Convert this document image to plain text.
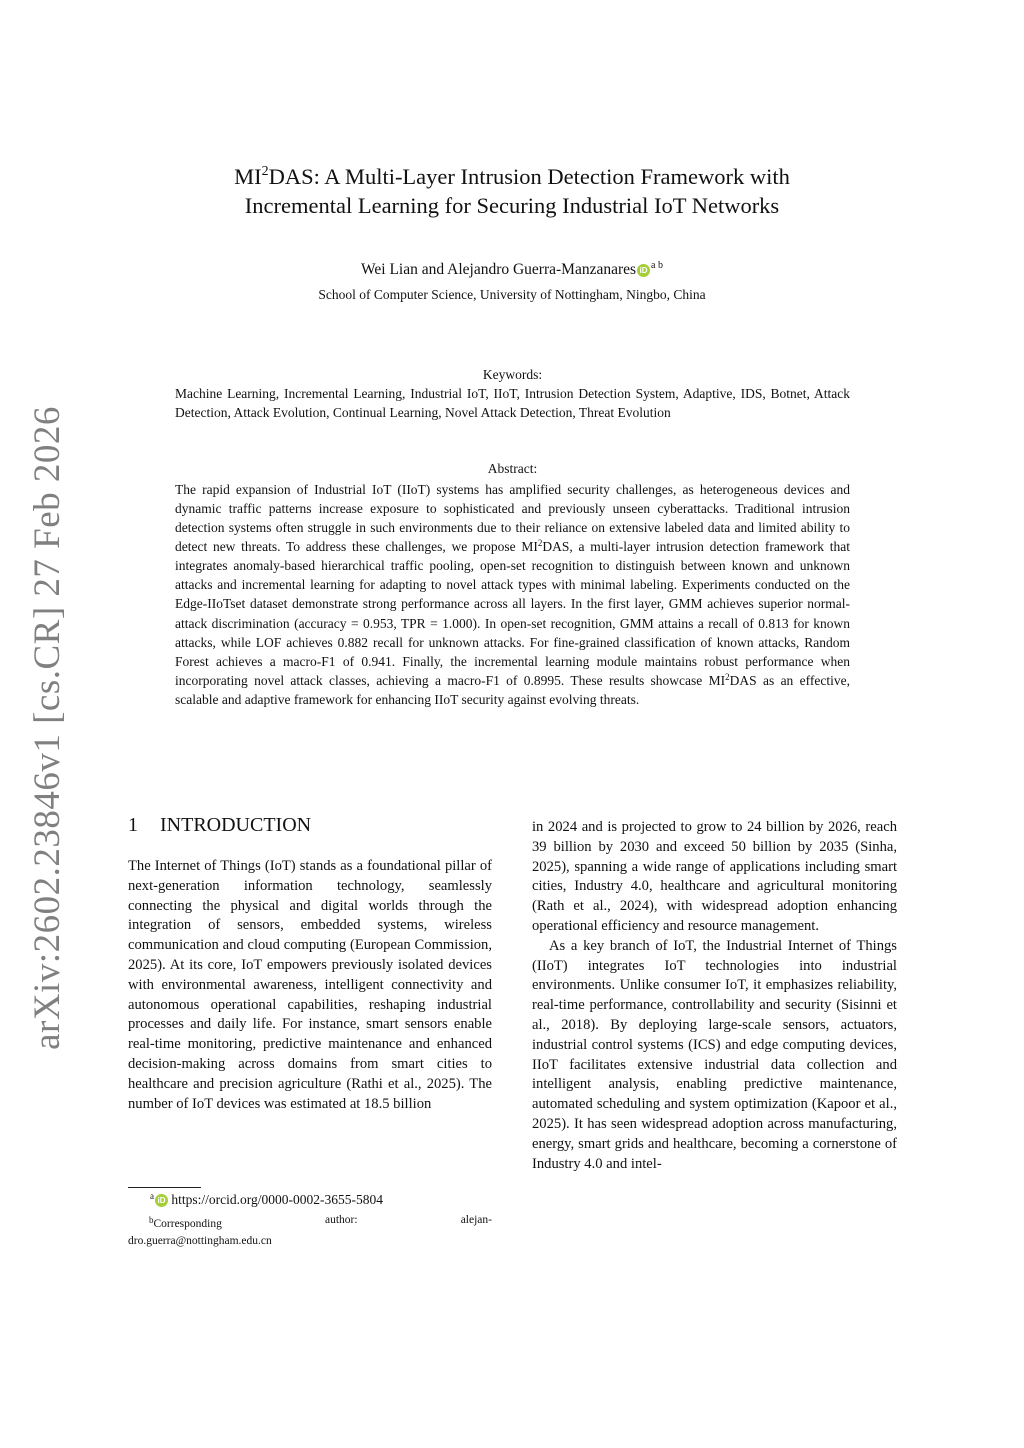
arXiv:2602.23846v1 [cs.CR] 27 Feb 2026
$MI^2DAS$: A Multi-Layer Intrusion Detection Framework with
Incremental Learning for Securing Industrial IoT Networks
Wei Lian and Alejandro Guerra-Manzanares iD $^{a b}$
School of Computer Science, University of Nottingham, Ningbo, China
Keywords:
Machine Learning, Incremental Learning, Industrial IoT, IIoT, Intrusion Detection System, Adaptive, IDS, Botnet, Attack Detection, Attack Evolution, Continual Learning, Novel Attack Detection, Threat Evolution
Abstract:
The rapid expansion of Industrial IoT (IIoT) systems has amplified security challenges, as heterogeneous devices and dynamic traffic patterns increase exposure to sophisticated and previously unseen cyberattacks. Traditional intrusion detection systems often struggle in such environments due to their reliance on extensive labeled data and limited ability to detect new threats. To address these challenges, we propose $MI^2DAS$, a multi-layer intrusion detection framework that integrates anomaly-based hierarchical traffic pooling, open-set recognition to distinguish between known and unknown attacks and incremental learning for adapting to novel attack types with minimal labeling. Experiments conducted on the Edge-IIoTset dataset demonstrate strong performance across all layers. In the first layer, GMM achieves superior normal-attack discrimination (accuracy = 0.953, TPR = 1.000). In open-set recognition, GMM attains a recall of 0.813 for known attacks, while LOF achieves 0.882 recall for unknown attacks. For fine-grained classification of known attacks, Random Forest achieves a macro-F1 of 0.941. Finally, the incremental learning module maintains robust performance when incorporating novel attack classes, achieving a macro-F1 of 0.8995. These results showcase $MI^2DAS$ as an effective, scalable and adaptive framework for enhancing IIoT security against evolving threats.
1 INTRODUCTION

The Internet of Things (IoT) stands as a foundational pillar of next-generation information technology, seamlessly connecting the physical and digital worlds through the integration of sensors, embedded systems, wireless communication and cloud computing (European Commission, 2025). At its core, IoT empowers previously isolated devices with environmental awareness, intelligent connectivity and autonomous operational capabilities, reshaping industrial processes and daily life. For instance, smart sensors enable real-time monitoring, predictive maintenance and enhanced decision-making across domains from smart cities to healthcare and precision agriculture (Rathi et al., 2025). The number of IoT devices was estimated at 18.5 billion

in 2024 and is projected to grow to 24 billion by 2026, reach 39 billion by 2030 and exceed 50 billion by 2035 (Sinha, 2025), spanning a wide range of applications including smart cities, Industry 4.0, healthcare and agricultural monitoring (Rath et al., 2024), with widespread adoption enhancing operational efficiency and resource management.

As a key branch of IoT, the Industrial Internet of Things (IIoT) integrates IoT technologies into industrial environments. Unlike consumer IoT, it emphasizes reliability, real-time performance, controllability and security (Sisinni et al., 2018). By deploying large-scale sensors, actuators, industrial control systems (ICS) and edge computing devices, IIoT facilitates extensive industrial data collection and intelligent analysis, enabling predictive maintenance, automated scheduling and system optimization (Kapoor et al., 2025). It has seen widespread adoption across manufacturing, energy, smart grids and healthcare, becoming a cornerstone of Industry 4.0 and intel-

$^a$ iD https://orcid.org/0000-0002-3655-5804
$^b$Corresponding	author:	alejan-
dro.guerra@nottingham.edu.cn
